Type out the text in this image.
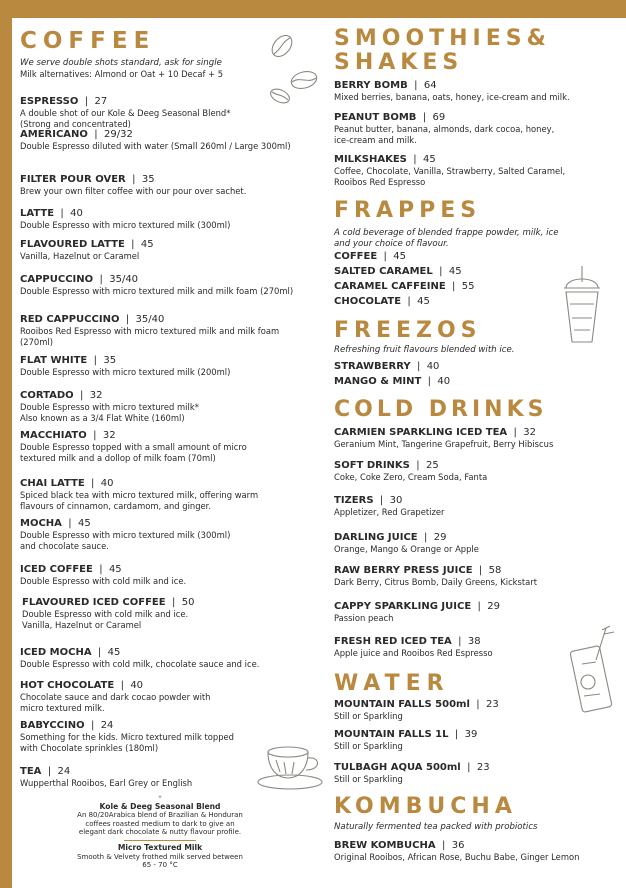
COFFEE

We serve double shots standard, ask for single

Milk alternatives: Almond or Oat + 10 Decaf + 5

ESPRESSO  |  27
A double shot of our Kole & Deeg Seasonal Blend*
(Strong and concentrated)
AMERICANO  |  29/32
Double Espresso diluted with water (Small 260ml / Large 300ml)
FILTER POUR OVER  |  35
Brew your own filter coffee with our pour over sachet.
LATTE  |  40
Double Espresso with micro textured milk (300ml)
FLAVOURED LATTE  |  45
Vanilla, Hazelnut or Caramel
CAPPUCCINO  |  35/40
Double Espresso with micro textured milk and milk foam (270ml)
RED CAPPUCCINO  |  35/40
Rooibos Red Espresso with micro textured milk and milk foam
(270ml)
FLAT WHITE  |  35
Double Espresso with micro textured milk (200ml)
CORTADO  |  32
Double Espresso with micro textured milk*
Also known as a 3/4 Flat White (160ml)
MACCHIATO  |  32
Double Espresso topped with a small amount of micro
textured milk and a dollop of milk foam (70ml)
CHAI LATTE  |  40
Spiced black tea with micro textured milk, offering warm
flavours of cinnamon, cardamom, and ginger.
MOCHA  |  45
Double Espresso with micro textured milk (300ml)
and chocolate sauce.
ICED COFFEE  |  45
Double Espresso with cold milk and ice.
FLAVOURED ICED COFFEE  |  50
Double Espresso with cold milk and ice.
Vanilla, Hazelnut or Caramel
ICED MOCHA  |  45
Double Espresso with cold milk, chocolate sauce and ice.
HOT CHOCOLATE  |  40
Chocolate sauce and dark cocao powder with
micro textured milk.
BABYCCINO  |  24
Something for the kids. Micro textured milk topped
with Chocolate sprinkles (180ml)
TEA  |  24
Wupperthal Rooibos, Earl Grey or English
*
Kole & Deeg Seasonal Blend
An 80/20Arabica blend of Brazilian & Honduran
coffees roasted medium to dark to give an
elegant dark chocolate & nutty flavour profile.
Micro Textured Milk
Smooth & Velvety frothed milk served between
65 - 70 °C
SMOOTHIES&
SHAKES
BERRY BOMB  |  64
Mixed berries, banana, oats, honey, ice-cream and milk.
PEANUT BOMB  |  69
Peanut butter, banana, almonds, dark cocoa, honey,
ice-cream and milk.
MILKSHAKES  |  45
Coffee, Chocolate, Vanilla, Strawberry, Salted Caramel,
Rooibos Red Espresso
FRAPPES

A cold beverage of blended frappe powder, milk, ice

and your choice of flavour.

COFFEE  |  45
SALTED CARAMEL  |  45
CARAMEL CAFFEINE  |  55
CHOCOLATE  |  45
FREEZOS

Refreshing fruit flavours blended with ice.

STRAWBERRY  |  40
MANGO & MINT  |  40
COLD DRINKS
CARMIEN SPARKLING ICED TEA  |  32
Geranium Mint, Tangerine Grapefruit, Berry Hibiscus
SOFT DRINKS  |  25
Coke, Coke Zero, Cream Soda, Fanta
TIZERS  |  30
Appletizer, Red Grapetizer
DARLING JUICE  |  29
Orange, Mango & Orange or Apple
RAW BERRY PRESS JUICE  |  58
Dark Berry, Citrus Bomb, Daily Greens, Kickstart
CAPPY SPARKLING JUICE  |  29
Passion peach
FRESH RED ICED TEA  |  38
Apple juice and Rooibos Red Espresso
WATER
MOUNTAIN FALLS 500ml  |  23
Still or Sparkling
MOUNTAIN FALLS 1L  |  39
Still or Sparkling
TULBAGH AQUA 500ml  |  23
Still or Sparkling
KOMBUCHA

Naturally fermented tea packed with probiotics

BREW KOMBUCHA  |  36
Original Rooibos, African Rose, Buchu Babe, Ginger Lemon
